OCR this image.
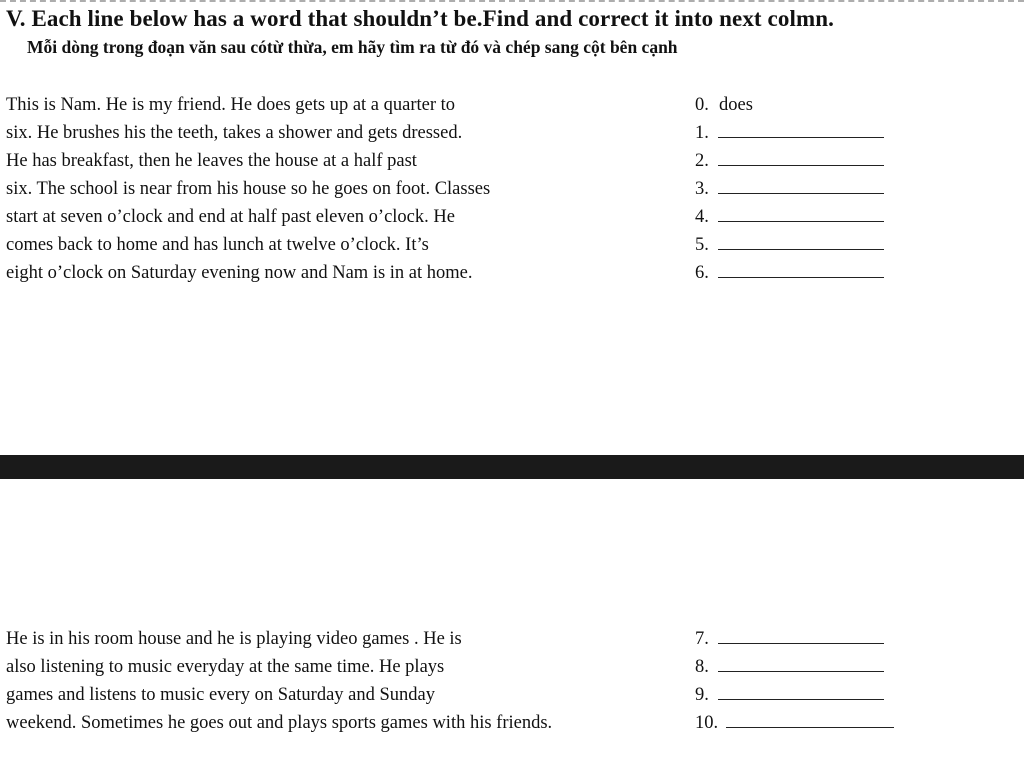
V. Each line below has a word that shouldn’t be.Find and correct it into next colmn.
Mỗi dòng trong đoạn văn sau cótừ thừa, em hãy tìm ra từ đó và chép sang cột bên cạnh
This is Nam. He is my friend. He does gets up at a quarter to
six. He brushes his the teeth, takes a shower and gets dressed.
He has breakfast, then he leaves the house at a half past
six. The school is near from his house so he goes on foot. Classes
start at seven o’clock and end at half past eleven o’clock. He
comes back to home and has lunch at twelve o’clock. It’s
eight o’clock on Saturday evening now and Nam is in at home.
0. does
1.
2.
3.
4.
5.
6.
He is in his room house and he is playing video games . He is
also listening to music everyday at the same time. He plays
games and listens to music every on Saturday and Sunday
weekend. Sometimes he goes out and plays sports games with his friends.
7.
8.
9.
10.
